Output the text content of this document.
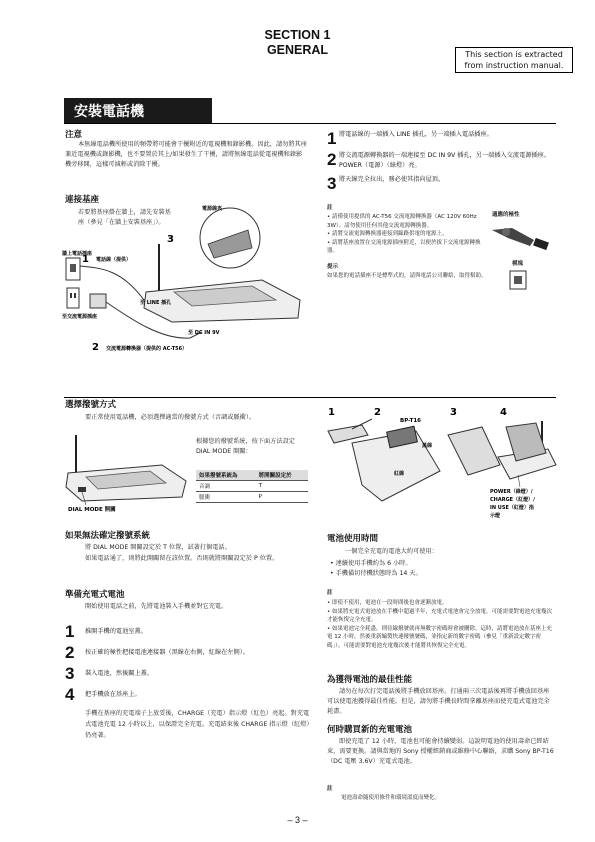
SECTION 1
GENERAL	This section is extracted
from instruction manual.
安裝電話機
注意
本無線電話機所使用的頻帶將可能會干擾附近的電視機和錄影機。因此，請勿將其座兼近電視機或錄影機，也不要置於其上/如果發生了干擾，請將無線電話從電視機和錄影機旁移開，這樣可減輕或消除干擾。
連接基座
若要將基座掛在牆上，請先安裝基座（參見「在牆上安裝基座」）。
電源線夾
牆上電話插座
1 電話線（提供）
至交流電源插座
至 LINE 插孔
至 DC IN 9V
2 交流電源轉換器（提供的 AC-T56）
3
1 將電話線的一端插入 LINE 插孔，另一端插入電話插座。
2 將交流電源轉換器的一端連接至 DC IN 9V 插孔，另一端插入交流電源插座。POWER（電源）（綠燈）亮。
3 將天線完全拉出，務必使其指向屋頂。
註
• 請僅使用提供的 AC-T56 交流電源轉換器（AC 120V 60Hz 3W）。請勿使用任何其他交流電源轉換器。
• 請將交流電源轉換器連接到線路供電的電源上。
• 請將基座放置在交流電源插座附近，以便於拔下交流電源轉換器。
提示
如果您的電話插座不是標準式的，請與電話公司聯絡，取得幫助。
適應的極性
模塊
選擇撥號方式
要正常使用電話機，必須選擇適當的撥號方式（音調或脈衝）。
DIAL MODE 開關
根據您的撥號系統，按下面方法設定 DIAL MODE 開關：
如果撥號系統為	將開關設定於
音調	T
脈衝	P
如果無法確定撥號系統
將 DIAL MODE 開關設定於 T 位置，試著打個電話。
如果電話通了，則將此開關留在該位置。否則就將開關設定於 P 位置。
準備充電式電池
開始使用電話之前，先將電池裝入手機並對它充電。
1	推開手機的電池室蓋。
2	按正確的極性把接電池連接器（黑線在右側，紅線在左側）。
3	裝入電池，然後關上蓋。
4	把手機放在基座上。
手機在基座的充電端子上放妥後，CHARGE（充電）指示燈（紅色）亮起。對充電式電池充電 12 小時以上，以保證完全充電。充電結束後 CHARGE 指示燈（紅燈）仍亮著。
1	2	3	4
BP-T16
黑線
紅線
POWER（綠燈）/
CHARGE（紅燈）/
IN USE（紅燈）指
示燈
電池使用時間
一個完全充電的電池大約可使用：
• 連續使用手機約為 6 小時。
• 手機備切待機狀態時為 14 天。
註
• 即使不使用，電池在一段時間後也會逐漸放電。
• 如果將充電式電池放在手機中超過半年，充電式電池會完全放電。可能需要對電池充電幾次才能恢復完全充電。
• 如果電池完全耗盡，則待線撥號就再無數字密碼時會被刪除。這時，請將電池放在基座上充電 12 小時，然後重新編製快速撥號號碼，並指定新的數字密碼（參見「重新設定數字密碼」）。可能需要對電池充電幾次後才能將其恢復完全充電。
為獲得電池的最佳性能
請勿在每次打完電話後將手機放回基座。打通兩三次電話後再將手機放回基座可以使電池獲得最佳性能。但是，請勿將手機長時間拿離基座而使充電式電池完全耗盡。
何時購買新的充電電池
即使充電了 12 小時，電池也可能會持續變弱。這說明電池的使用壽命已經結束，需要更換。請與當地的 Sony 授權經銷商或維修中心聯絡，求購 Sony BP-T16（DC 電壓 3.6V）充電式電池。
註
電池壽命隨使用條件和環境溫度而變化。
– 3 –
